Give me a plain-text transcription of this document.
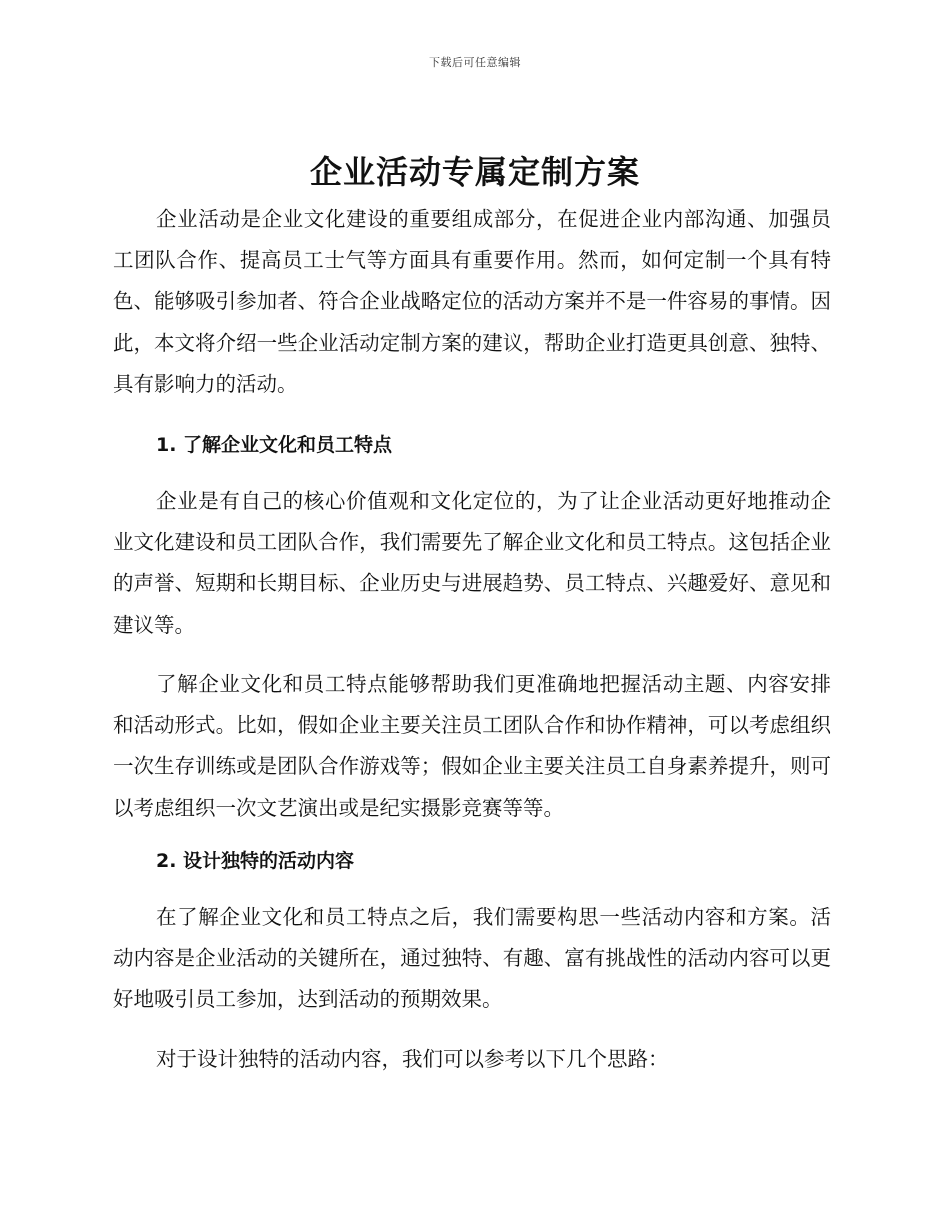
下载后可任意编辑
企业活动专属定制方案

企业活动是企业文化建设的重要组成部分，在促进企业内部沟通、加强员工团队合作、提高员工士气等方面具有重要作用。然而，如何定制一个具有特色、能够吸引参加者、符合企业战略定位的活动方案并不是一件容易的事情。因此，本文将介绍一些企业活动定制方案的建议，帮助企业打造更具创意、独特、具有影响力的活动。

1. 了解企业文化和员工特点

企业是有自己的核心价值观和文化定位的，为了让企业活动更好地推动企业文化建设和员工团队合作，我们需要先了解企业文化和员工特点。这包括企业的声誉、短期和长期目标、企业历史与进展趋势、员工特点、兴趣爱好、意见和建议等。

了解企业文化和员工特点能够帮助我们更准确地把握活动主题、内容安排和活动形式。比如，假如企业主要关注员工团队合作和协作精神，可以考虑组织一次生存训练或是团队合作游戏等；假如企业主要关注员工自身素养提升，则可以考虑组织一次文艺演出或是纪实摄影竞赛等等。

2. 设计独特的活动内容

在了解企业文化和员工特点之后，我们需要构思一些活动内容和方案。活动内容是企业活动的关键所在，通过独特、有趣、富有挑战性的活动内容可以更好地吸引员工参加，达到活动的预期效果。

对于设计独特的活动内容，我们可以参考以下几个思路：
